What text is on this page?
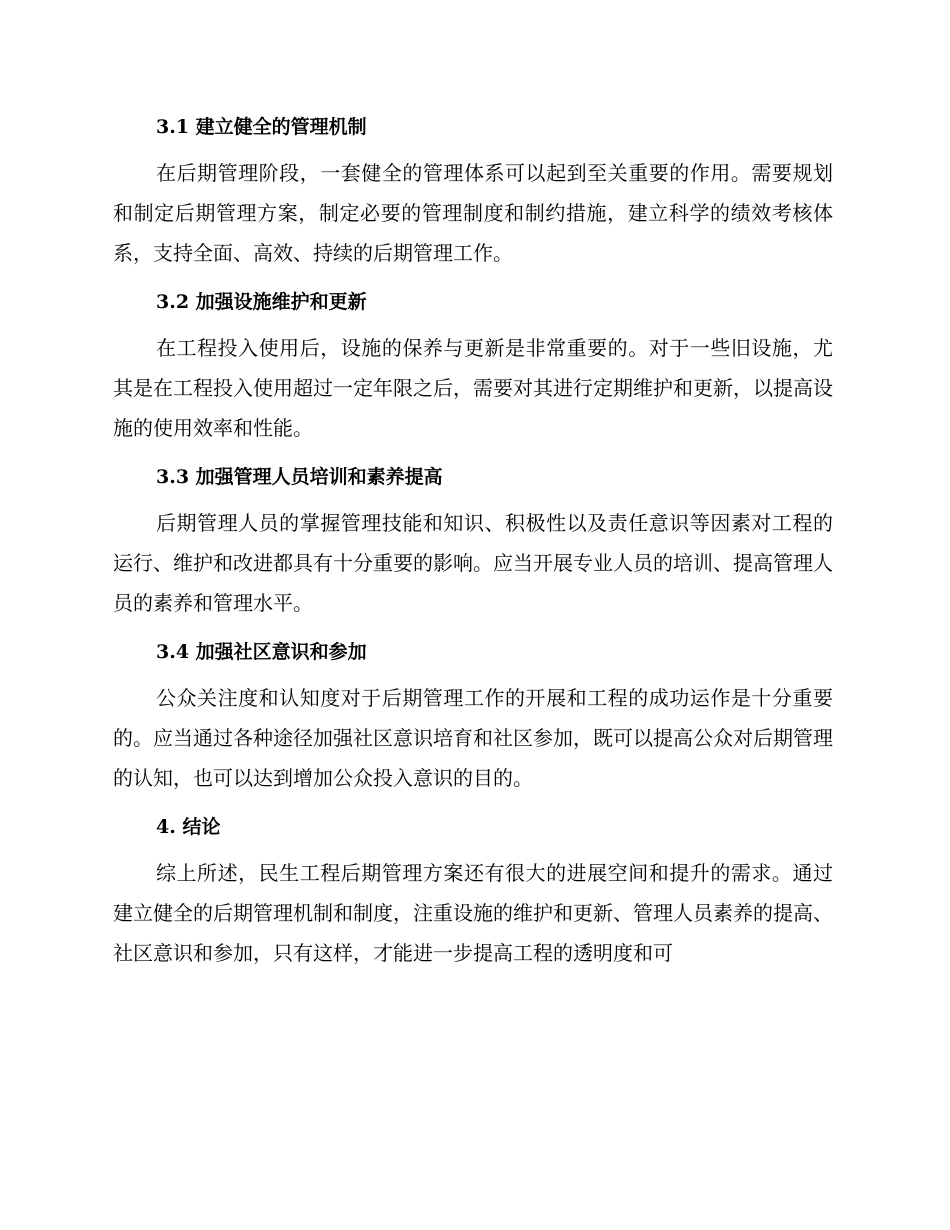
3.1 建立健全的管理机制

在后期管理阶段，一套健全的管理体系可以起到至关重要的作用。需要规划和制定后期管理方案，制定必要的管理制度和制约措施，建立科学的绩效考核体系，支持全面、高效、持续的后期管理工作。

3.2 加强设施维护和更新

在工程投入使用后，设施的保养与更新是非常重要的。对于一些旧设施，尤其是在工程投入使用超过一定年限之后，需要对其进行定期维护和更新，以提高设施的使用效率和性能。

3.3 加强管理人员培训和素养提高

后期管理人员的掌握管理技能和知识、积极性以及责任意识等因素对工程的运行、维护和改进都具有十分重要的影响。应当开展专业人员的培训、提高管理人员的素养和管理水平。

3.4 加强社区意识和参加

公众关注度和认知度对于后期管理工作的开展和工程的成功运作是十分重要的。应当通过各种途径加强社区意识培育和社区参加，既可以提高公众对后期管理的认知，也可以达到增加公众投入意识的目的。

4. 结论

综上所述，民生工程后期管理方案还有很大的进展空间和提升的需求。通过建立健全的后期管理机制和制度，注重设施的维护和更新、管理人员素养的提高、社区意识和参加，只有这样，才能进一步提高工程的透明度和可
